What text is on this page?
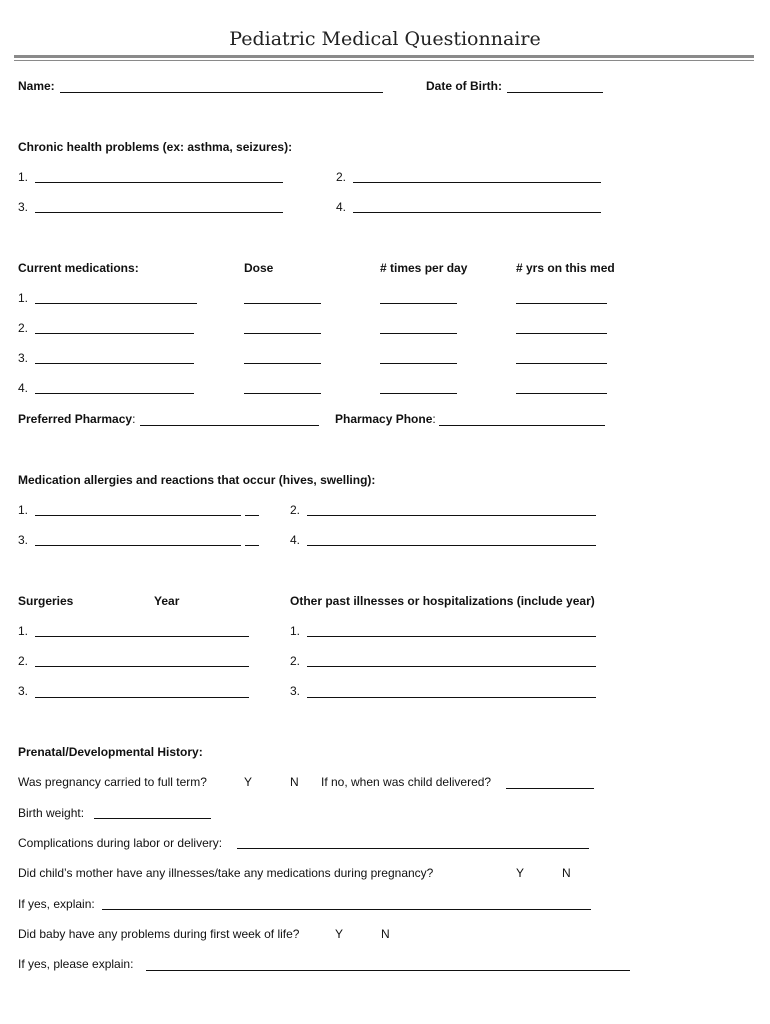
Pediatric Medical Questionnaire
Name:	Date of Birth:
Chronic health problems (ex: asthma, seizures):
1.	2.
3.	4.
Current medications:	Dose	# times per day	# yrs on this med
1.
2.
3.
4.
Preferred Pharmacy:	Pharmacy Phone:
Medication allergies and reactions that occur (hives, swelling):
1.	2.
3.	4.
Surgeries	Year	Other past illnesses or hospitalizations (include year)
1.	1.
2.	2.
3.	3.
Prenatal/Developmental History:
Was pregnancy carried to full term?	Y	N If no, when was child delivered?
Birth weight:
Complications during labor or delivery:
Did child’s mother have any illnesses/take any medications during pregnancy?	Y	N
If yes, explain:
Did baby have any problems during first week of life?	Y	N
If yes, please explain:
